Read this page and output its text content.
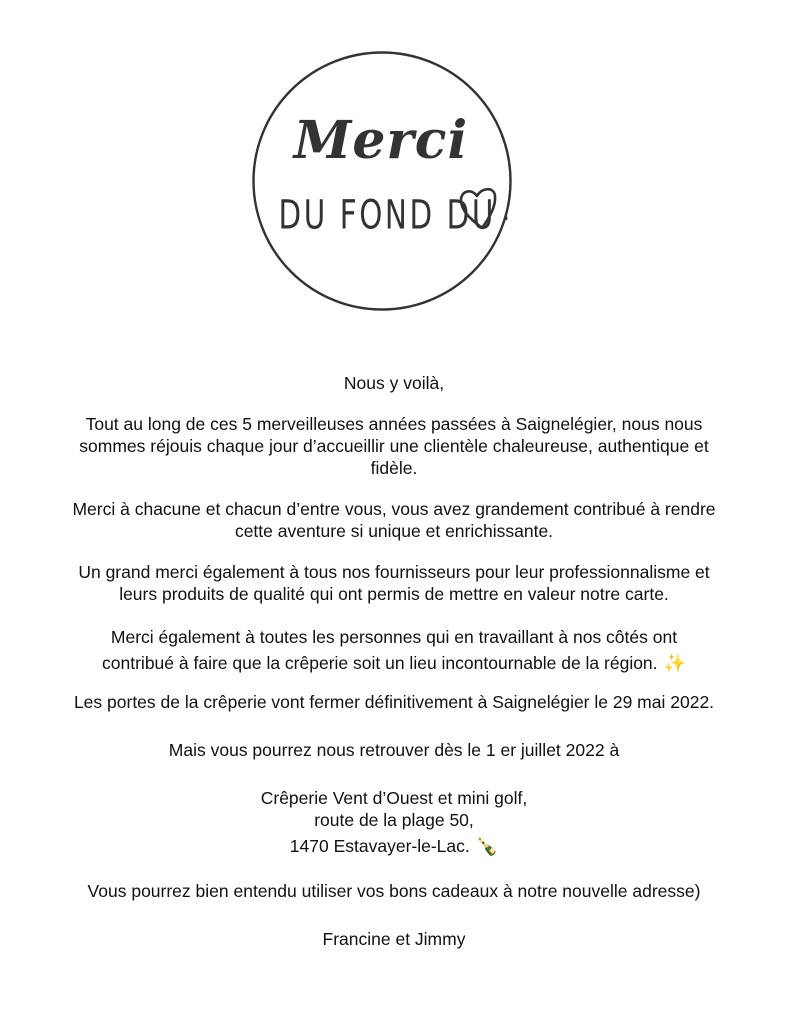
Merci
DU FOND DU .

Nous y voilà,

Tout au long de ces 5 merveilleuses années passées à Saignelégier, nous nous
sommes réjouis chaque jour d’accueillir une clientèle chaleureuse, authentique et
fidèle.

Merci à chacune et chacun d’entre vous, vous avez grandement contribué à rendre
cette aventure si unique et enrichissante.

Un grand merci également à tous nos fournisseurs pour leur professionnalisme et
leurs produits de qualité qui ont permis de mettre en valeur notre carte.

Merci également à toutes les personnes qui en travaillant à nos côtés ont
contribué à faire que la crêperie soit un lieu incontournable de la région. ✨

Les portes de la crêperie vont fermer définitivement à Saignelégier le 29 mai 2022.

Mais vous pourrez nous retrouver dès le 1 er juillet 2022 à

Crêperie Vent d’Ouest et mini golf,
route de la plage 50,
1470 Estavayer-le-Lac. 🍾

Vous pourrez bien entendu utiliser vos bons cadeaux à notre nouvelle adresse)

Francine et Jimmy
